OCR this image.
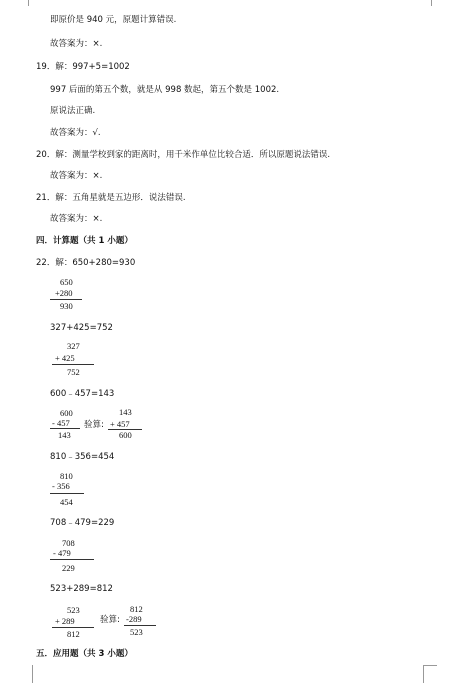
即原价是 940 元，原题计算错误.
故答案为：×.
19．解：997+5=1002
997 后面的第五个数，就是从 998 数起，第五个数是 1002.
原说法正确.
故答案为：√.
20．解：测量学校到家的距离时，用千米作单位比较合适．所以原题说法错误.
故答案为：×.
21．解：五角星就是五边形．说法错误.
故答案为：×.
四．计算题（共 1 小题）
22．解：650+280=930
650
+280
930
327+425=752
327
+ 425
752
600﹣457=143
600
- 457
143
验算:
143
+ 457
600
810﹣356=454
810
- 356
454
708﹣479=229
708
- 479
229
523+289=812
523
+ 289
812
验算:
812
-289
523
五．应用题（共 3 小题）
